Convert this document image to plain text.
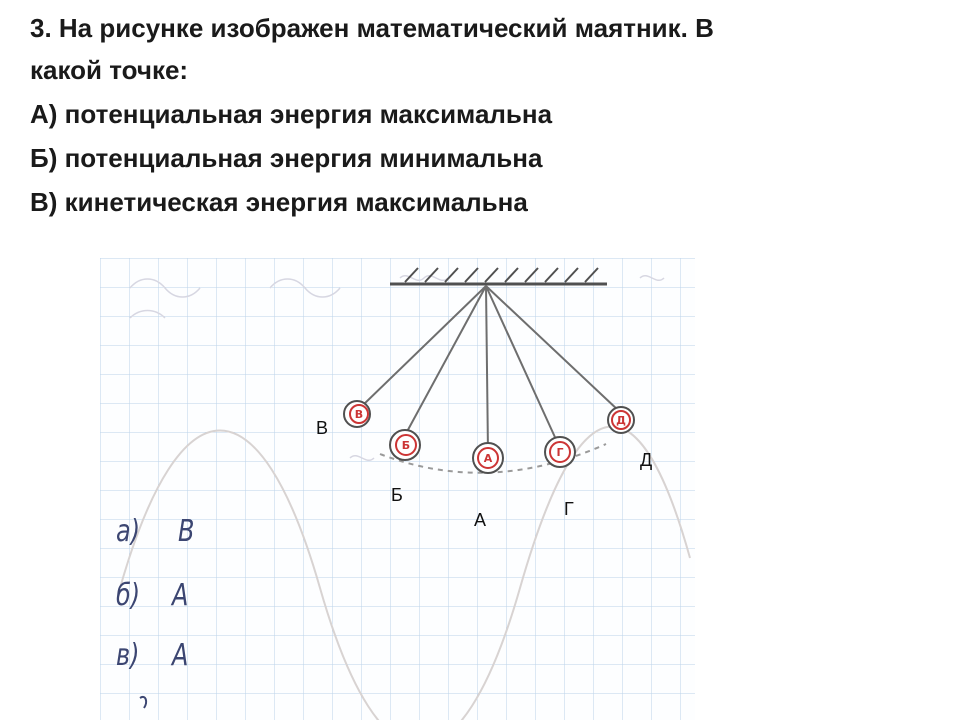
3. На рисунке изображен математический маятник. В
какой точке:
А) потенциальная энергия максимальна
Б) потенциальная энергия минимальна
В) кинетическая энергия максимальна
В
Б
А	Г
Д
В
Б
А
Г
Д
а) В
б) А
в) А
